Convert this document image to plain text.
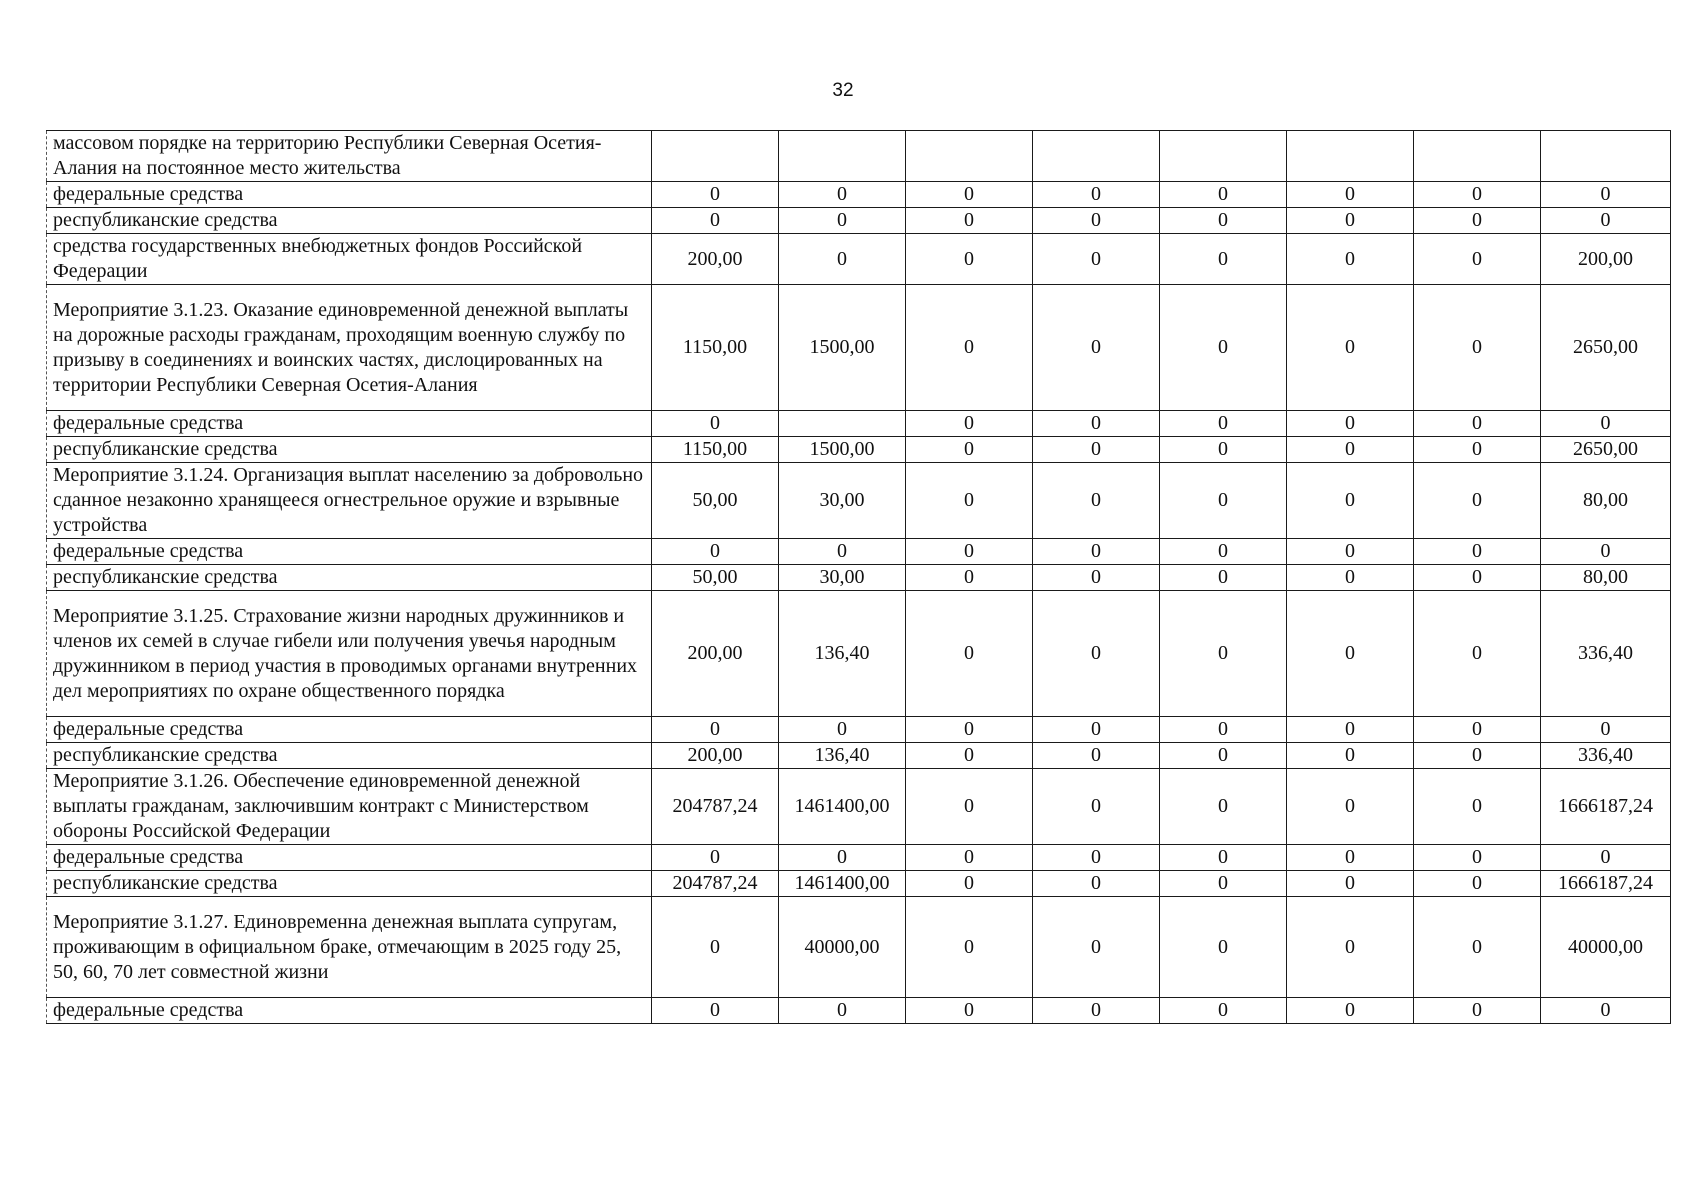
32
массовом порядке на территорию Республики Северная Осетия-Алания на постоянное место жительства								
федеральные средства	0	0	0	0	0	0	0	0
республиканские средства	0	0	0	0	0	0	0	0
средства государственных внебюджетных фондов Российской Федерации	200,00	0	0	0	0	0	0	200,00
Мероприятие 3.1.23. Оказание единовременной денежной выплаты на дорожные расходы гражданам, проходящим военную службу по призыву в соединениях и воинских частях, дислоцированных на территории Республики Северная Осетия-Алания	1150,00	1500,00	0	0	0	0	0	2650,00
федеральные средства	0		0	0	0	0	0	0
республиканские средства	1150,00	1500,00	0	0	0	0	0	2650,00
Мероприятие 3.1.24. Организация выплат населению за добровольно сданное незаконно хранящееся огнестрельное оружие и взрывные устройства	50,00	30,00	0	0	0	0	0	80,00
федеральные средства	0	0	0	0	0	0	0	0
республиканские средства	50,00	30,00	0	0	0	0	0	80,00
Мероприятие 3.1.25. Страхование жизни народных дружинников и членов их семей в случае гибели или получения увечья народным дружинником в период участия в проводимых органами внутренних дел мероприятиях по охране общественного порядка	200,00	136,40	0	0	0	0	0	336,40
федеральные средства	0	0	0	0	0	0	0	0
республиканские средства	200,00	136,40	0	0	0	0	0	336,40
Мероприятие 3.1.26. Обеспечение единовременной денежной выплаты гражданам, заключившим контракт с Министерством обороны Российской Федерации	204787,24	1461400,00	0	0	0	0	0	1666187,24
федеральные средства	0	0	0	0	0	0	0	0
республиканские средства	204787,24	1461400,00	0	0	0	0	0	1666187,24
Мероприятие 3.1.27. Единовременна денежная выплата супругам, проживающим в официальном браке, отмечающим в 2025 году 25, 50, 60, 70 лет совместной жизни	0	40000,00	0	0	0	0	0	40000,00
федеральные средства	0	0	0	0	0	0	0	0
